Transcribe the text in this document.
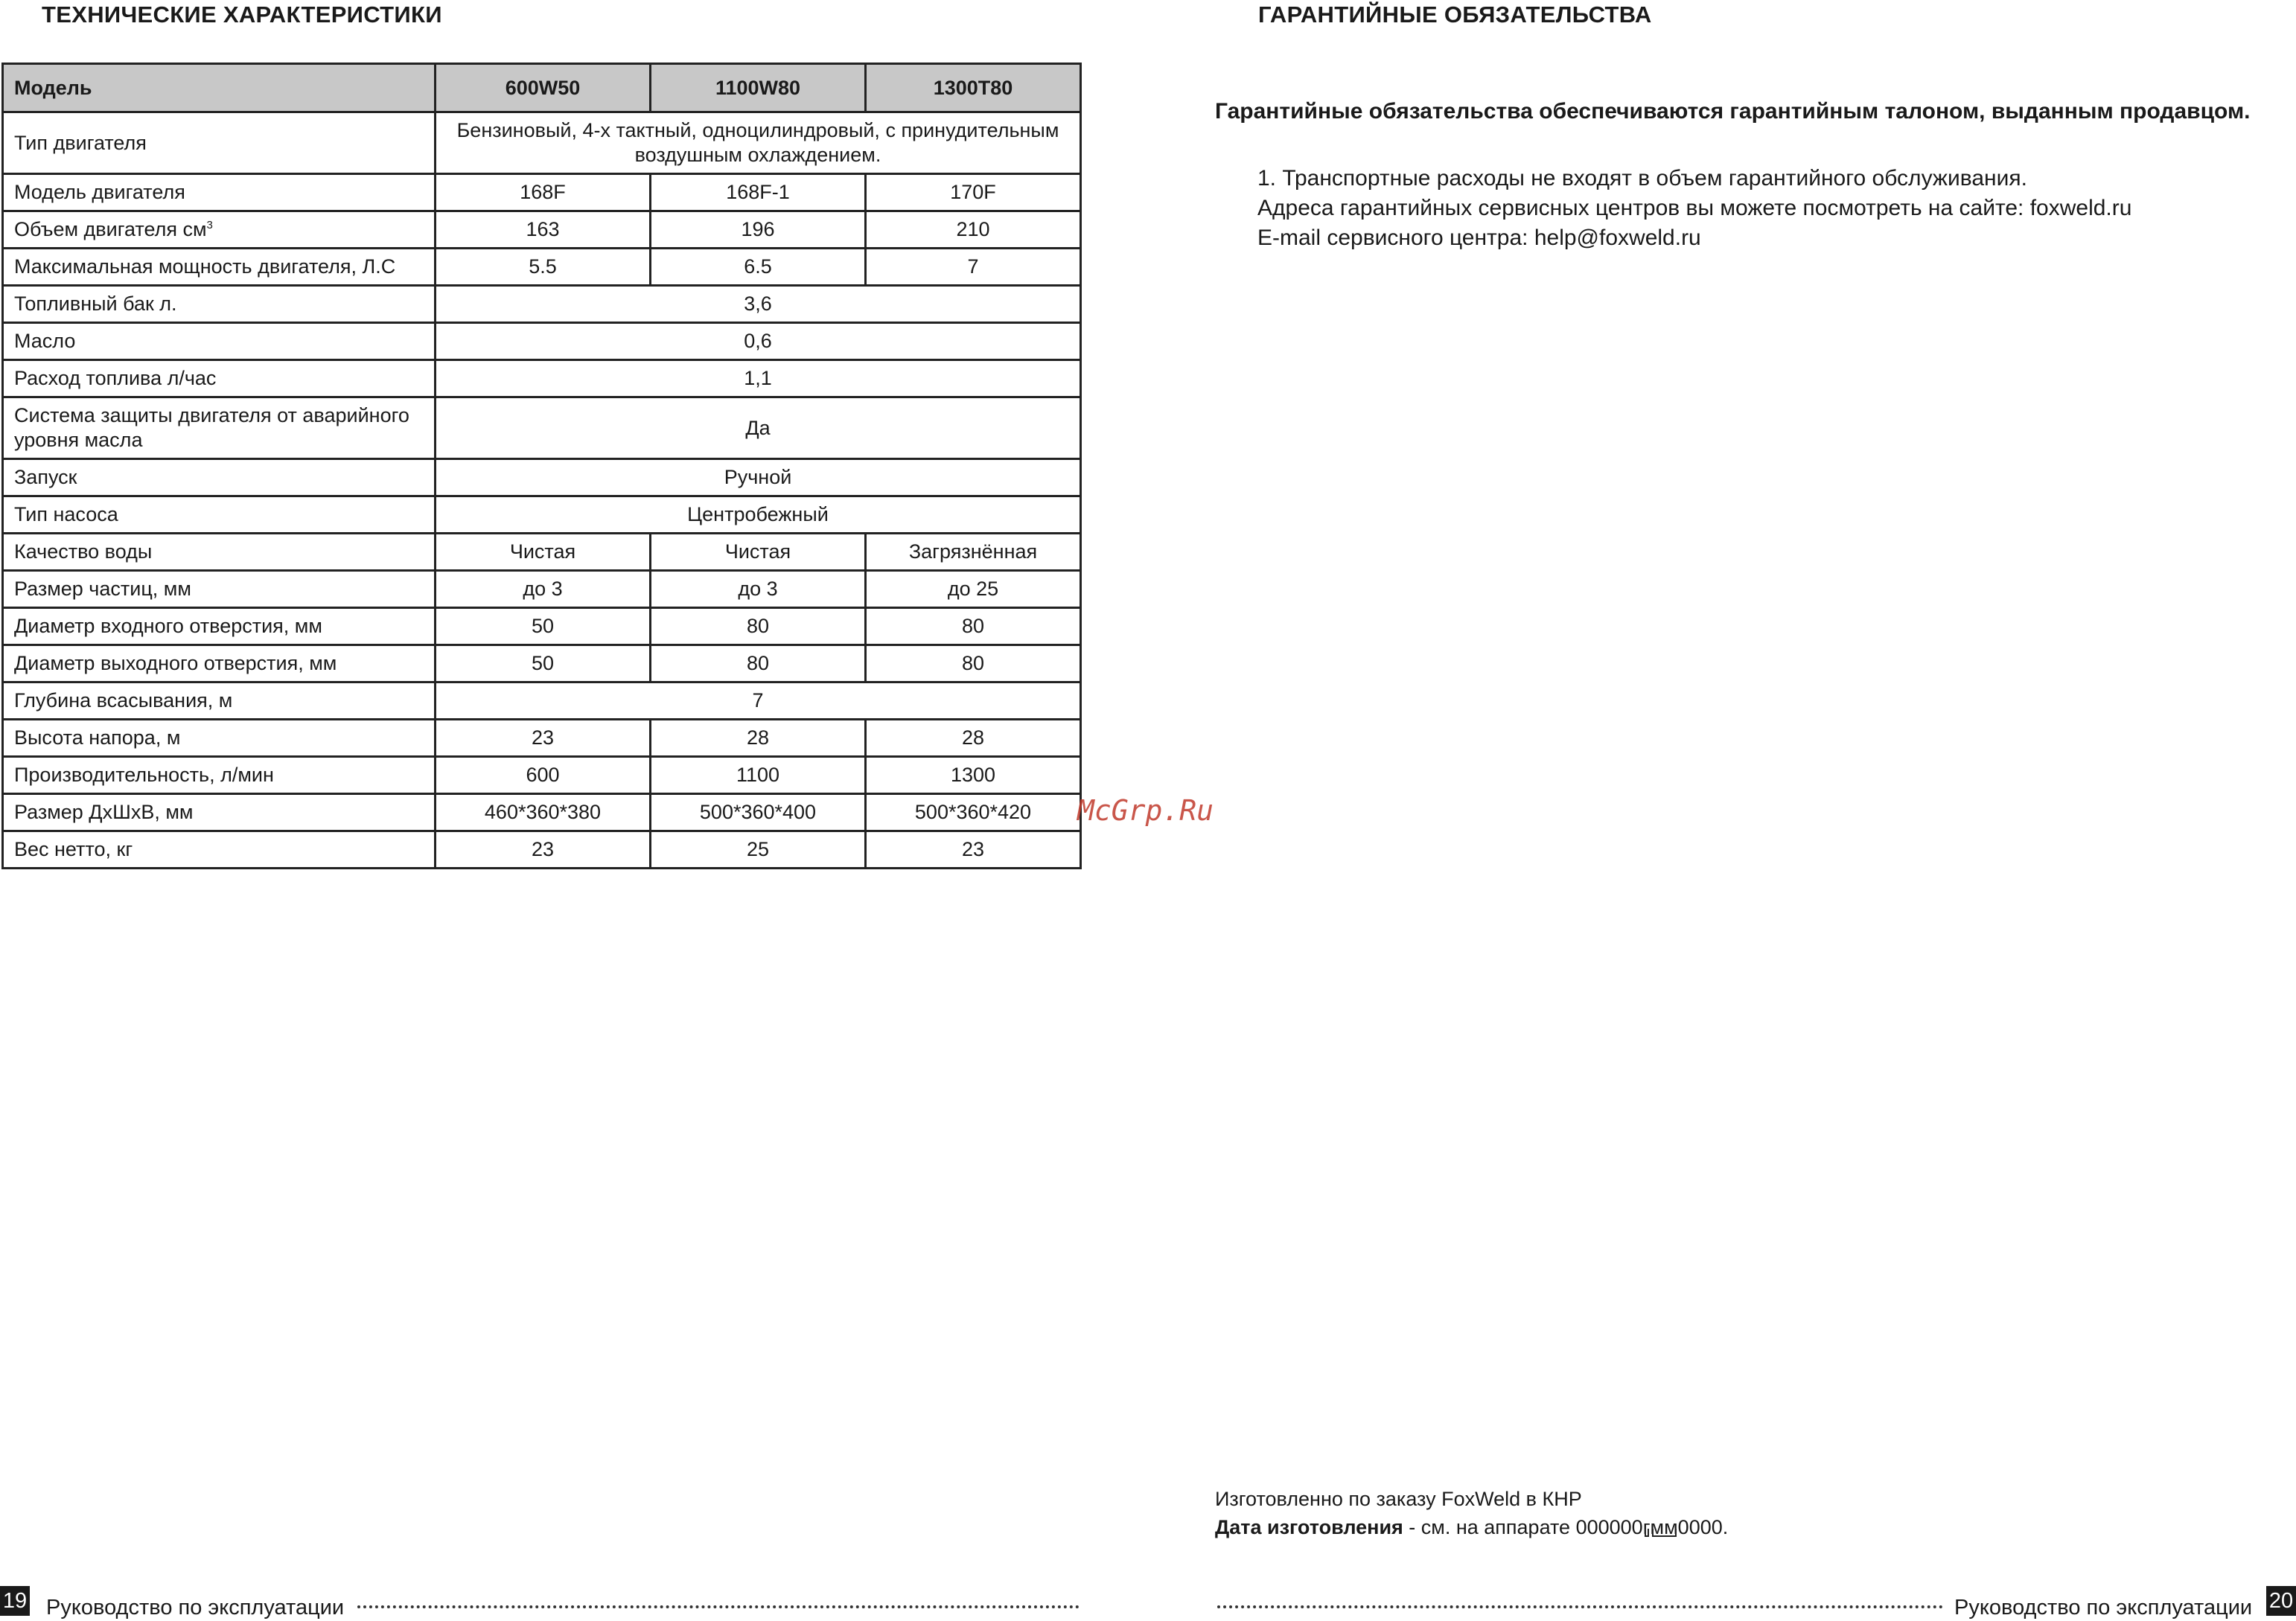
ТЕХНИЧЕСКИЕ ХАРАКТЕРИСТИКИ	ГАРАНТИЙНЫЕ ОБЯЗАТЕЛЬСТВА
Модель	600W50	1100W80	1300T80
Тип двигателя	Бензиновый, 4-х тактный, одноцилиндровый, с принудительным воздушным охлаждением.		
Модель двигателя	168F	168F-1	170F
Объем двигателя $см^3$	163	196	210
Максимальная мощность двигателя, Л.С	5.5	6.5	7
Топливный бак л.	3,6		
Масло	0,6		
Расход топлива л/час	1,1		
Система защиты двигателя от аварийного уровня масла	Да		
Запуск	Ручной		
Тип насоса	Центробежный		
Качество воды	Чистая	Чистая	Загрязнённая
Размер частиц, мм	до 3	до 3	до 25
Диаметр входного отверстия, мм	50	80	80
Диаметр выходного отверстия, мм	50	80	80
Глубина всасывания, м	7		
Высота напора, м	23	28	28
Производительность, л/мин	600	1100	1300
Размер ДхШхВ, мм	460*360*380	500*360*400	500*360*420
Вес нетто, кг	23	25	23

Гарантийные обязательства обеспечиваются гарантийным талоном, выданным продавцом.

1. Транспортные расходы не входят в объем гарантийного обслуживания.
Адреса гарантийных сервисных центров вы можете посмотреть на сайте: foxweld.ru
E-mail сервисного центра: help@foxweld.ru
Изготовленно по заказу FoxWeld в КНР
Дата изготовления - см. на аппарате 000000гмм0000.
McGrp.Ru
19 Руководство по эксплуатации	Руководство по эксплуатации 20
